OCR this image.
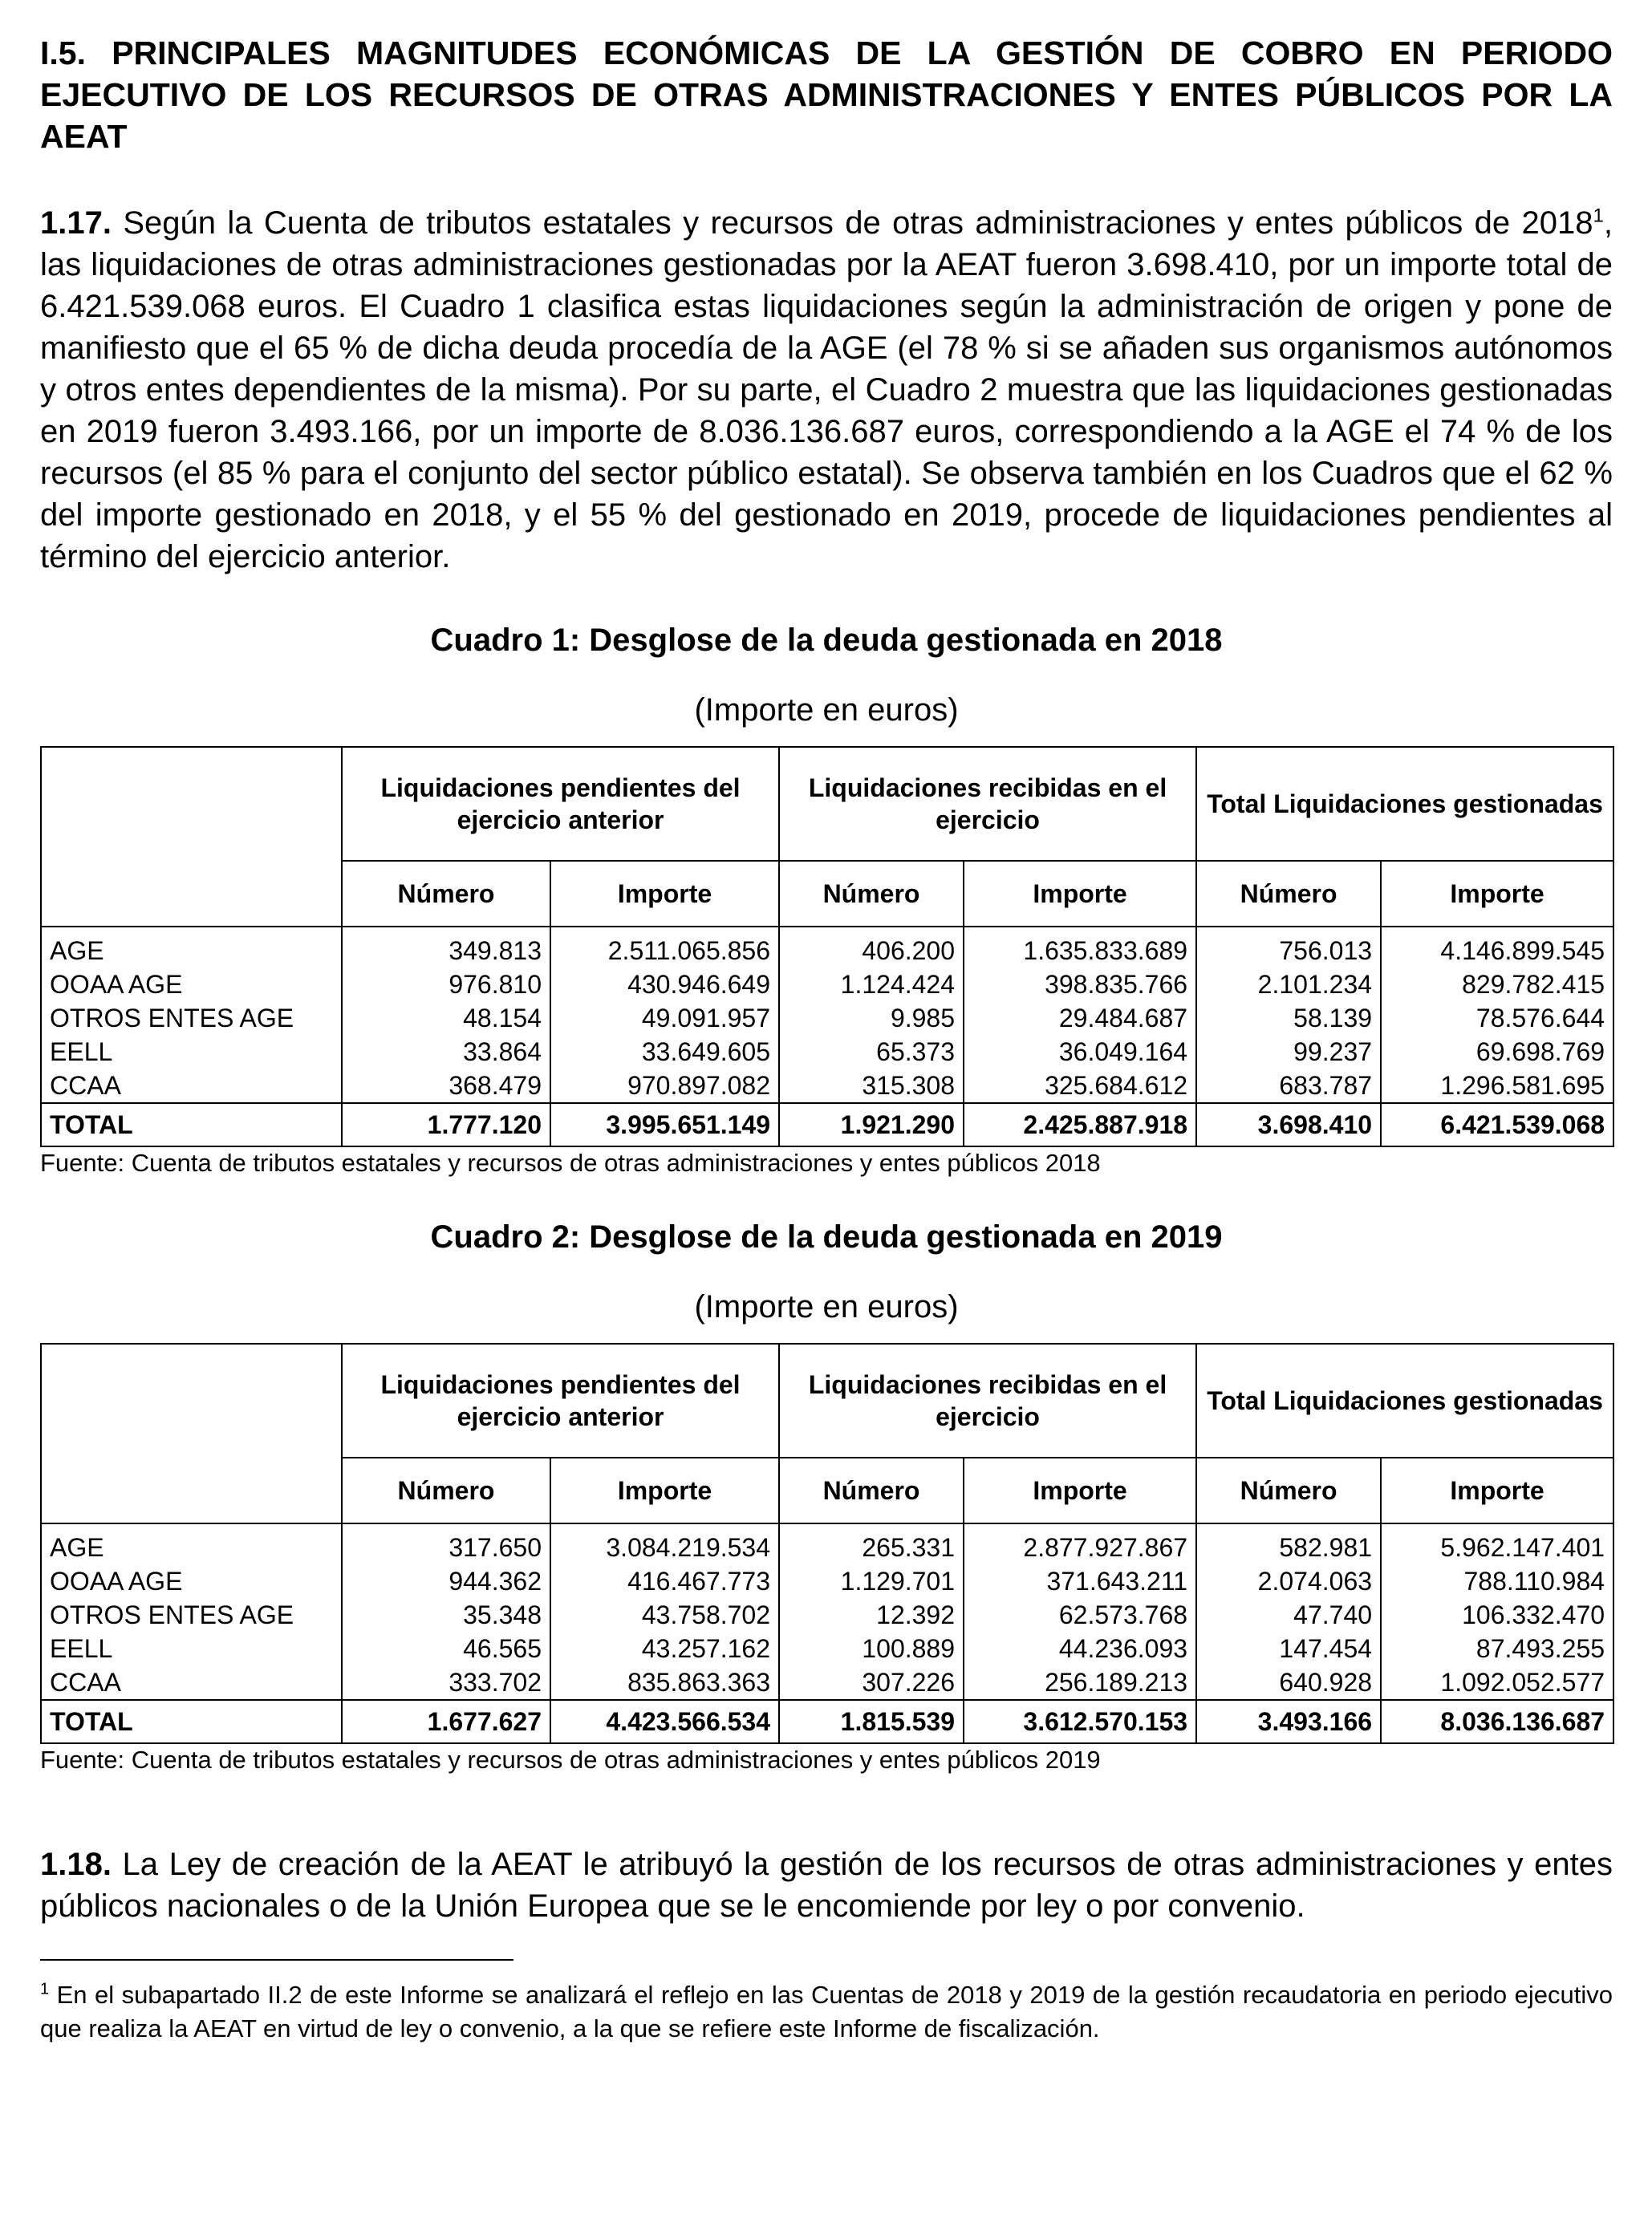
I.5. PRINCIPALES MAGNITUDES ECONÓMICAS DE LA GESTIÓN DE COBRO EN PERIODO EJECUTIVO DE LOS RECURSOS DE OTRAS ADMINISTRACIONES Y ENTES PÚBLICOS POR LA AEAT

1.17. Según la Cuenta de tributos estatales y recursos de otras administraciones y entes públicos de 2018$^1$, las liquidaciones de otras administraciones gestionadas por la AEAT fueron 3.698.410, por un importe total de 6.421.539.068 euros. El Cuadro 1 clasifica estas liquidaciones según la administración de origen y pone de manifiesto que el 65 % de dicha deuda procedía de la AGE (el 78 % si se añaden sus organismos autónomos y otros entes dependientes de la misma). Por su parte, el Cuadro 2 muestra que las liquidaciones gestionadas en 2019 fueron 3.493.166, por un importe de 8.036.136.687 euros, correspondiendo a la AGE el 74 % de los recursos (el 85 % para el conjunto del sector público estatal). Se observa también en los Cuadros que el 62 % del importe gestionado en 2018, y el 55 % del gestionado en 2019, procede de liquidaciones pendientes al término del ejercicio anterior.

Cuadro 1: Desglose de la deuda gestionada en 2018

(Importe en euros)

	Liquidaciones pendientes del ejercicio anterior		Liquidaciones recibidas en el ejercicio		Total Liquidaciones gestionadas	
	Número	Importe	Número	Importe	Número	Importe
AGE	349.813	2.511.065.856	406.200	1.635.833.689	756.013	4.146.899.545
OOAA AGE	976.810	430.946.649	1.124.424	398.835.766	2.101.234	829.782.415
OTROS ENTES AGE	48.154	49.091.957	9.985	29.484.687	58.139	78.576.644
EELL	33.864	33.649.605	65.373	36.049.164	99.237	69.698.769
CCAA	368.479	970.897.082	315.308	325.684.612	683.787	1.296.581.695
TOTAL	1.777.120	3.995.651.149	1.921.290	2.425.887.918	3.698.410	6.421.539.068

Fuente: Cuenta de tributos estatales y recursos de otras administraciones y entes públicos 2018

Cuadro 2: Desglose de la deuda gestionada en 2019

(Importe en euros)

	Liquidaciones pendientes del ejercicio anterior		Liquidaciones recibidas en el ejercicio		Total Liquidaciones gestionadas	
	Número	Importe	Número	Importe	Número	Importe
AGE	317.650	3.084.219.534	265.331	2.877.927.867	582.981	5.962.147.401
OOAA AGE	944.362	416.467.773	1.129.701	371.643.211	2.074.063	788.110.984
OTROS ENTES AGE	35.348	43.758.702	12.392	62.573.768	47.740	106.332.470
EELL	46.565	43.257.162	100.889	44.236.093	147.454	87.493.255
CCAA	333.702	835.863.363	307.226	256.189.213	640.928	1.092.052.577
TOTAL	1.677.627	4.423.566.534	1.815.539	3.612.570.153	3.493.166	8.036.136.687

Fuente: Cuenta de tributos estatales y recursos de otras administraciones y entes públicos 2019

1.18. La Ley de creación de la AEAT le atribuyó la gestión de los recursos de otras administraciones y entes públicos nacionales o de la Unión Europea que se le encomiende por ley o por convenio.

$^1$ En el subapartado II.2 de este Informe se analizará el reflejo en las Cuentas de 2018 y 2019 de la gestión recaudatoria en periodo ejecutivo que realiza la AEAT en virtud de ley o convenio, a la que se refiere este Informe de fiscalización.
